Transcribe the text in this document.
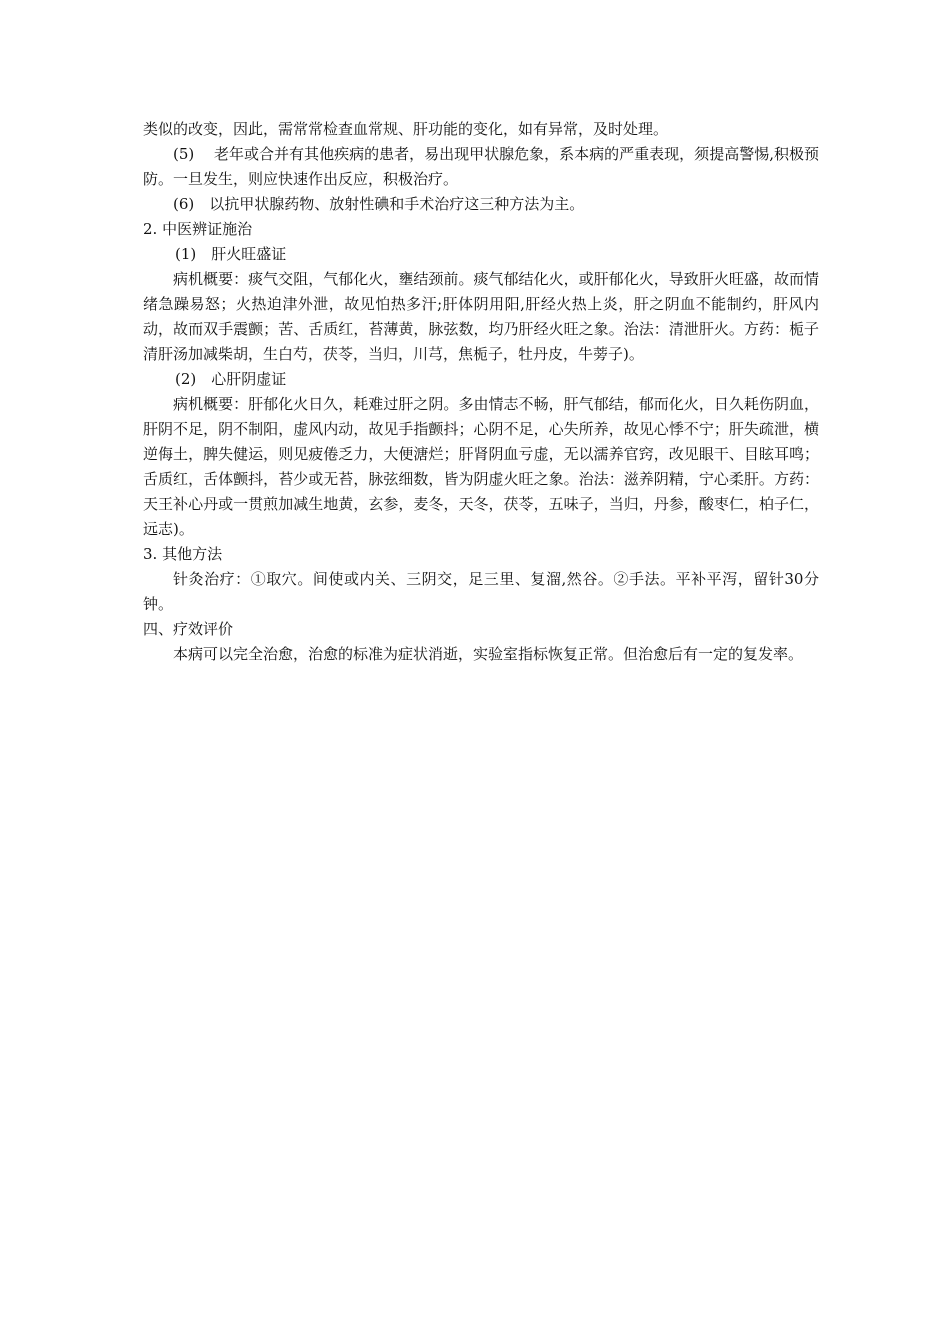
类似的改变，因此，需常常检查血常规、肝功能的变化，如有异常，及时处理。

(5)　 老年或合并有其他疾病的患者，易出现甲状腺危象，系本病的严重表现，须提高警惕,积极预防。一旦发生，则应快速作出反应，积极治疗。

(6)　以抗甲状腺药物、放射性碘和手术治疗这三种方法为主。

2. 中医辨证施治

(1)　肝火旺盛证

病机概要：痰气交阻，气郁化火，壅结颈前。痰气郁结化火，或肝郁化火，导致肝火旺盛，故而情绪急躁易怒；火热迫津外泄，故见怕热多汗;肝体阴用阳,肝经火热上炎，肝之阴血不能制约，肝风内动，故而双手震颤；苦、舌质红，苔薄黄，脉弦数，均乃肝经火旺之象。治法：清泄肝火。方药：栀子清肝汤加减柴胡，生白芍，茯苓，当归，川芎，焦栀子，牡丹皮，牛蒡子)。

(2)　心肝阴虚证

病机概要：肝郁化火日久，耗难过肝之阴。多由情志不畅，肝气郁结，郁而化火，日久耗伤阴血，肝阴不足，阴不制阳，虚风内动，故见手指颤抖；心阴不足，心失所养，故见心悸不宁；肝失疏泄，横逆侮土，脾失健运，则见疲倦乏力，大便溏烂；肝肾阴血亏虚，无以濡养官窍，改见眼干、目眩耳鸣；舌质红，舌体颤抖，苔少或无苔，脉弦细数，皆为阴虚火旺之象。治法：滋养阴精，宁心柔肝。方药：天王补心丹或一贯煎加减生地黄，玄参，麦冬，天冬，茯苓，五味子，当归，丹参，酸枣仁，柏子仁，远志)。

3. 其他方法

针灸治疗：①取穴。间使或内关、三阴交，足三里、复溜,然谷。②手法。平补平泻，留针30分钟。

四、疗效评价

本病可以完全治愈，治愈的标准为症状消逝，实验室指标恢复正常。但治愈后有一定的复发率。
